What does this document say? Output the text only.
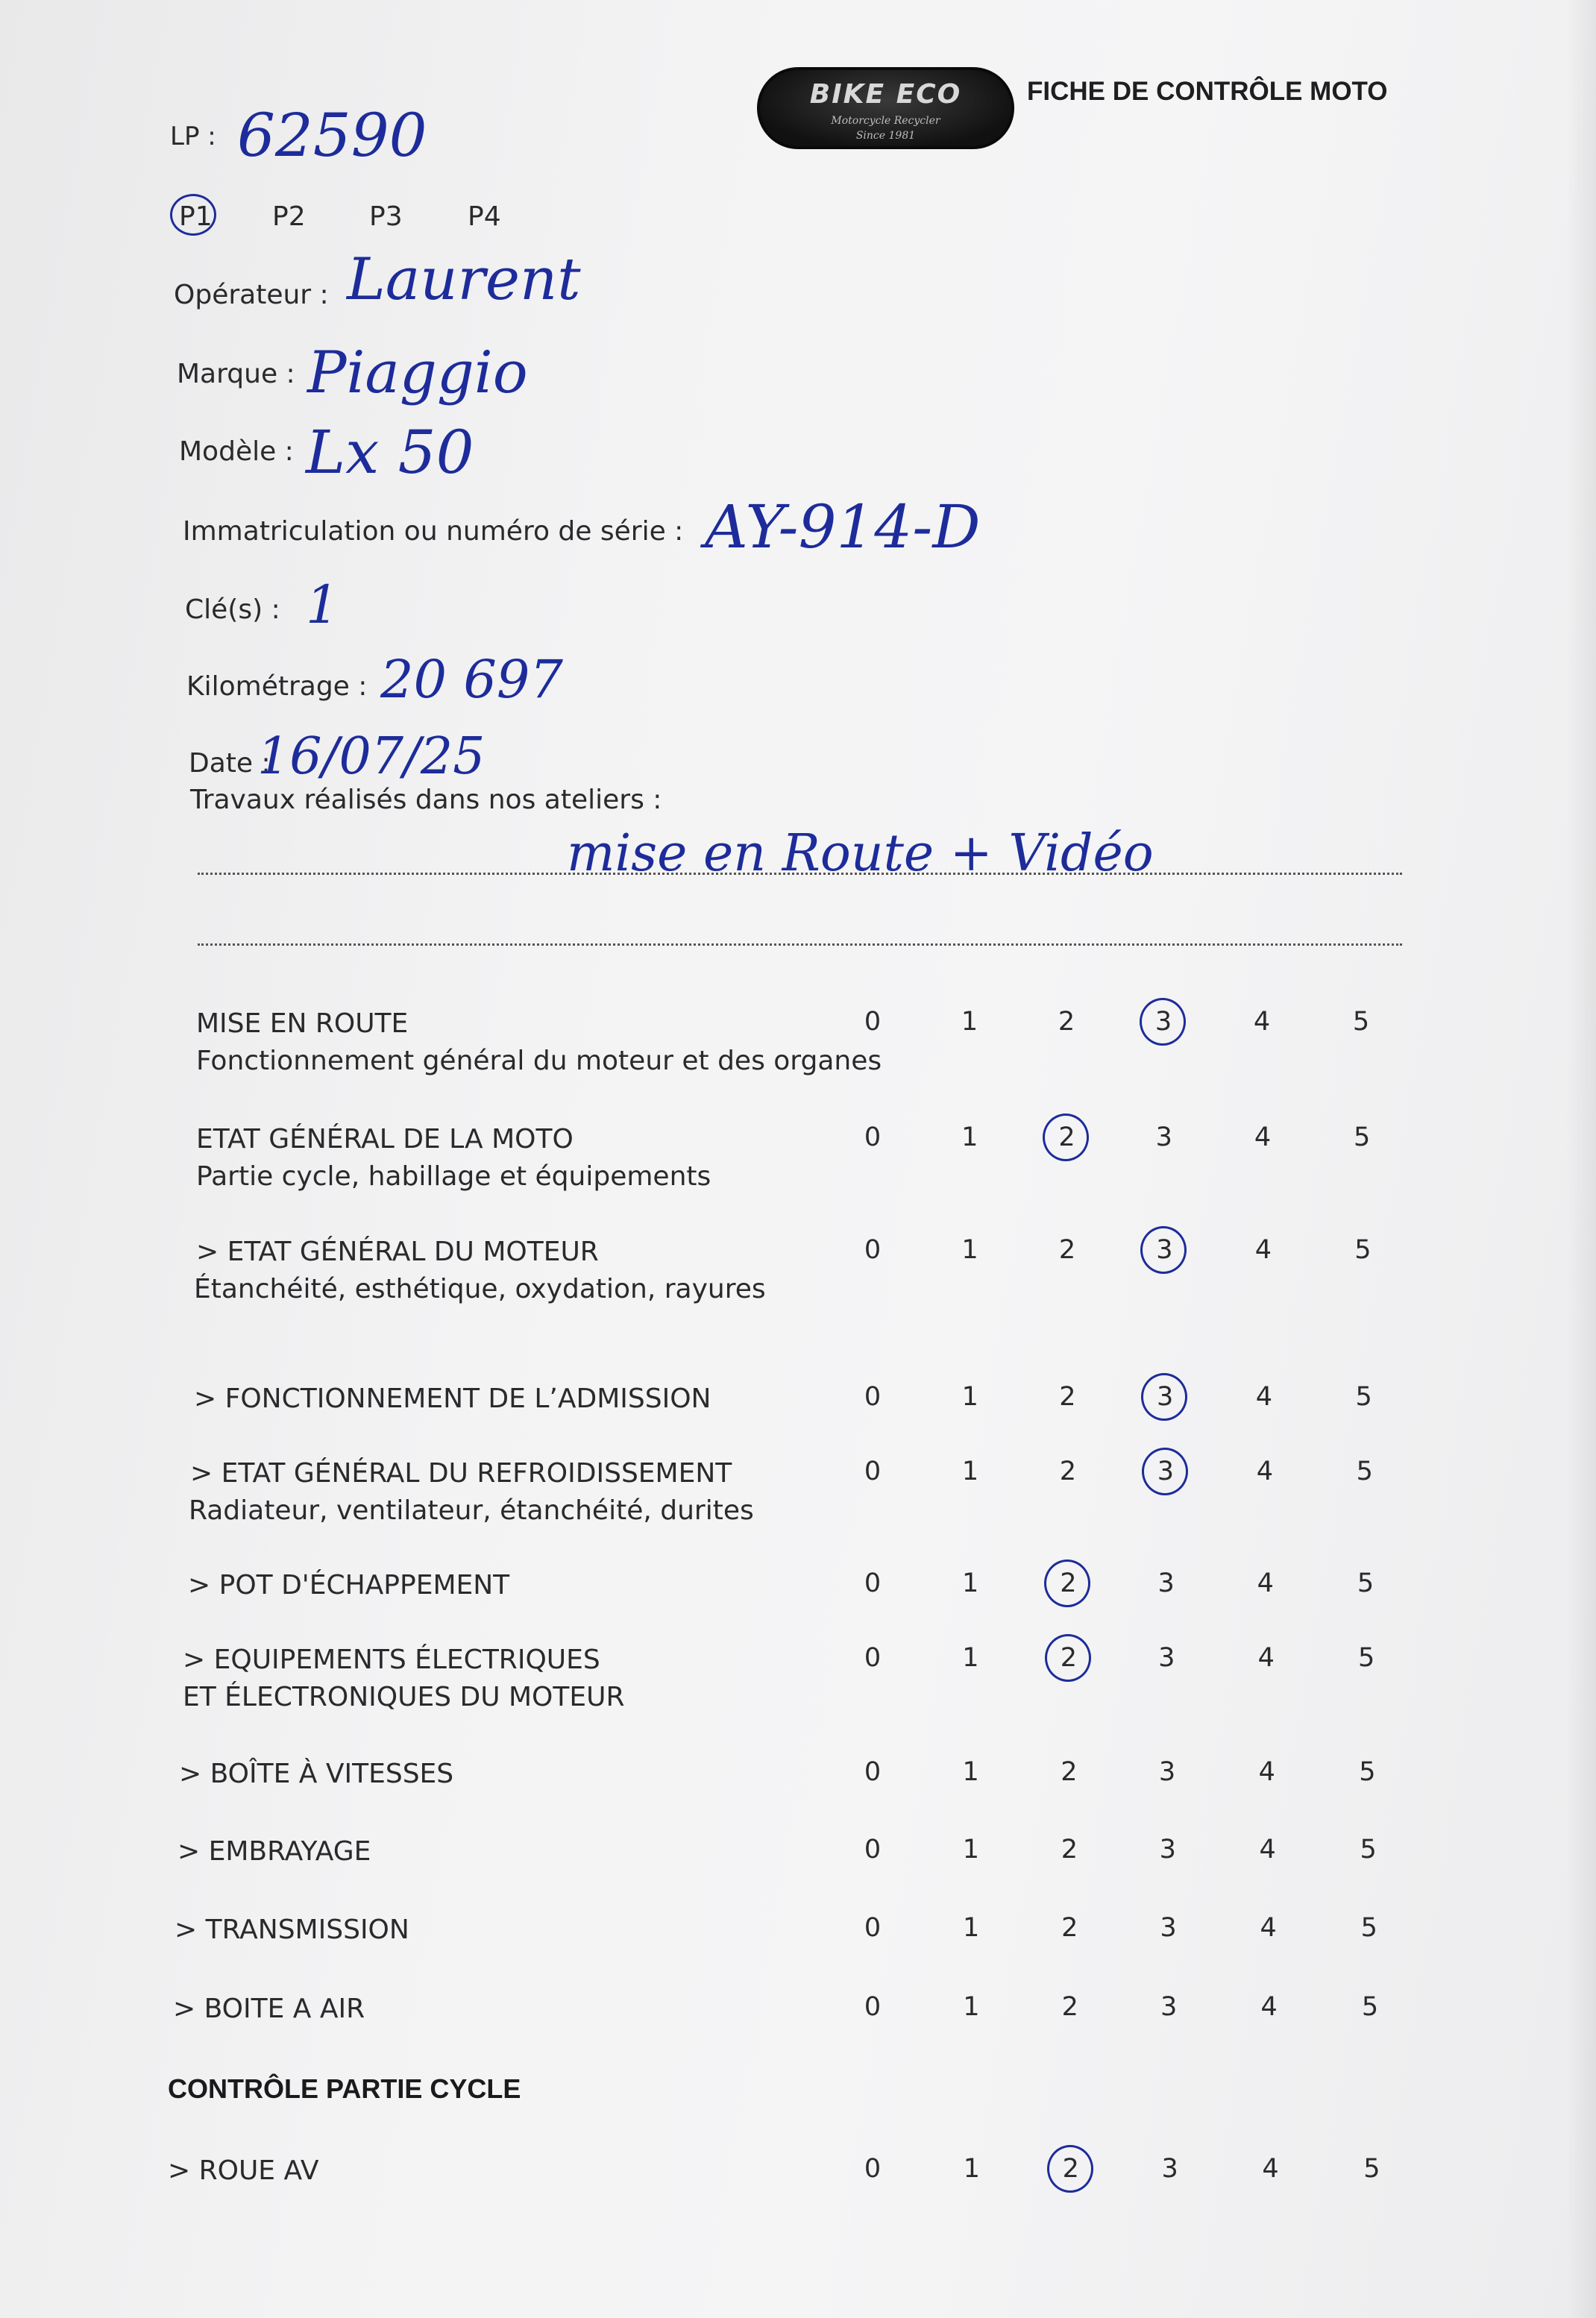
BIKE ECO
Motorcycle Recycler
Since 1981
FICHE DE CONTRÔLE MOTO
LP : 62590
P1 P2 P3 P4
Opérateur : Laurent
Marque : Piaggio
Modèle : Lx 50
Immatriculation ou numéro de série : AY-914-D
Clé(s) : 1
Kilométrage : 20 697
Date :
16/07/25
Travaux réalisés dans nos ateliers :
mise en Route + Vidéo
MISE EN ROUTE
Fonctionnement général du moteur et des organes
0	1	2	3	4	5
ETAT GÉNÉRAL DE LA MOTO
Partie cycle, habillage et équipements
0	1	2	3	4	5
> ETAT GÉNÉRAL DU MOTEUR
Étanchéité, esthétique, oxydation, rayures
0	1	2	3	4	5
> FONCTIONNEMENT DE L’ADMISSION	0	1	2	3	4	5
> ETAT GÉNÉRAL DU REFROIDISSEMENT
Radiateur, ventilateur, étanchéité, durites
0	1	2	3	4	5
> POT D'ÉCHAPPEMENT	0	1	2	3	4	5
> EQUIPEMENTS ÉLECTRIQUES
ET ÉLECTRONIQUES DU MOTEUR
0	1	2	3	4	5
> BOÎTE À VITESSES	0	1	2	3	4	5
> EMBRAYAGE	0	1	2	3	4	5
> TRANSMISSION	0	1	2	3	4	5
> BOITE A AIR	0	1	2	3	4	5
CONTRÔLE PARTIE CYCLE
> ROUE AV	0	1	2	3	4	5
